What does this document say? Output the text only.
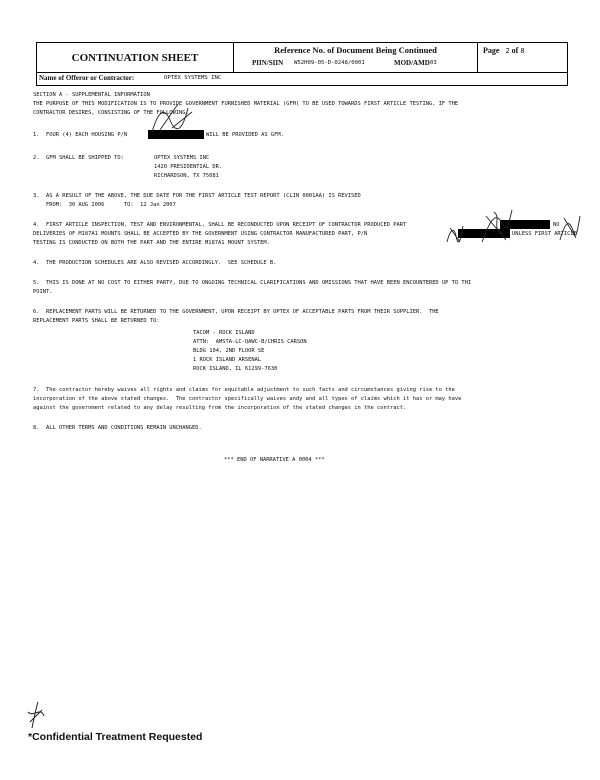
CONTINUATION SHEET
Reference No. of Document Being Continued
PIIN/SIIN W52H09-05-D-0248/0001	MOD/AMD 03
Page 2 of 8
Name of Offeror or Contractor:	OPTEX SYSTEMS INC
SECTION A - SUPPLEMENTAL INFORMATION
THE PURPOSE OF THIS MODIFICATION IS TO PROVIDE GOVERNMENT FURNISHED MATERIAL (GFM) TO BE USED TOWARDS FIRST ARTICLE TESTING, IF THE
CONTRACTOR DESIRES, CONSISTING OF THE FOLLOWING:
1.  FOUR (4) EACH HOUSING P/N	WILL BE PROVIDED AS GFM.
2.  GFM SHALL BE SHIPPED TO:	OPTEX SYSTEMS INC
1420 PRESIDENTIAL DR.
RICHARDSON, TX 75081
3.  AS A RESULT OF THE ABOVE, THE DUE DATE FOR THE FIRST ARTICLE TEST REPORT (CLIN 0001AA) IS REVISED
FROM:  30 AUG 2006      TO:  12 Jan 2007
4.  FIRST ARTICLE INSPECTION, TEST AND ENVIRONMENTAL, SHALL BE RECONDUCTED UPON RECEIPT OF CONTRACTOR PRODUCED PART	NO
DELIVERIES OF M187A1 MOUNTS SHALL BE ACCEPTED BY THE GOVERNMENT USING CONTRACTOR MANUFACTURED PART, P/N	UNLESS FIRST ARTICLE
TESTING IS CONDUCTED ON BOTH THE PART AND THE ENTIRE M187A1 MOUNT SYSTEM.
4.  THE PRODUCTION SCHEDULES ARE ALSO REVISED ACCORDINGLY.  SEE SCHEDULE B.
5.  THIS IS DONE AT NO COST TO EITHER PARTY, DUE TO ONGOING TECHNICAL CLARIFICATIONS AND OMISSIONS THAT HAVE BEEN ENCOUNTERED UP TO THI
POINT.
6.  REPLACEMENT PARTS WILL BE RETURNED TO THE GOVERNMENT, UPON RECEIPT BY OPTEX OF ACCEPTABLE PARTS FROM THEIR SUPPLIER.  THE
REPLACEMENT PARTS SHALL BE RETURNED TO:
TACOM - ROCK ISLAND
ATTN:  AMSTA-LC-QAWC-B/CHRIS CARSON
BLDG 104, 2ND FLOOR SE
1 ROCK ISLAND ARSENAL
ROCK ISLAND, IL 61299-7630
7.  The contractor hereby waives all rights and claims for equitable adjustment to such facts and circumstances giving rise to the
incorporation of the above stated changes.  The contractor specifically waives andy and all types of claims which it has or may have
against the government related to any delay resulting from the incorporation of the stated changes in the contract.
8.  ALL OTHER TERMS AND CONDITIONS REMAIN UNCHANGED.
*** END OF NARRATIVE A 0004 ***
*Confidential Treatment Requested
